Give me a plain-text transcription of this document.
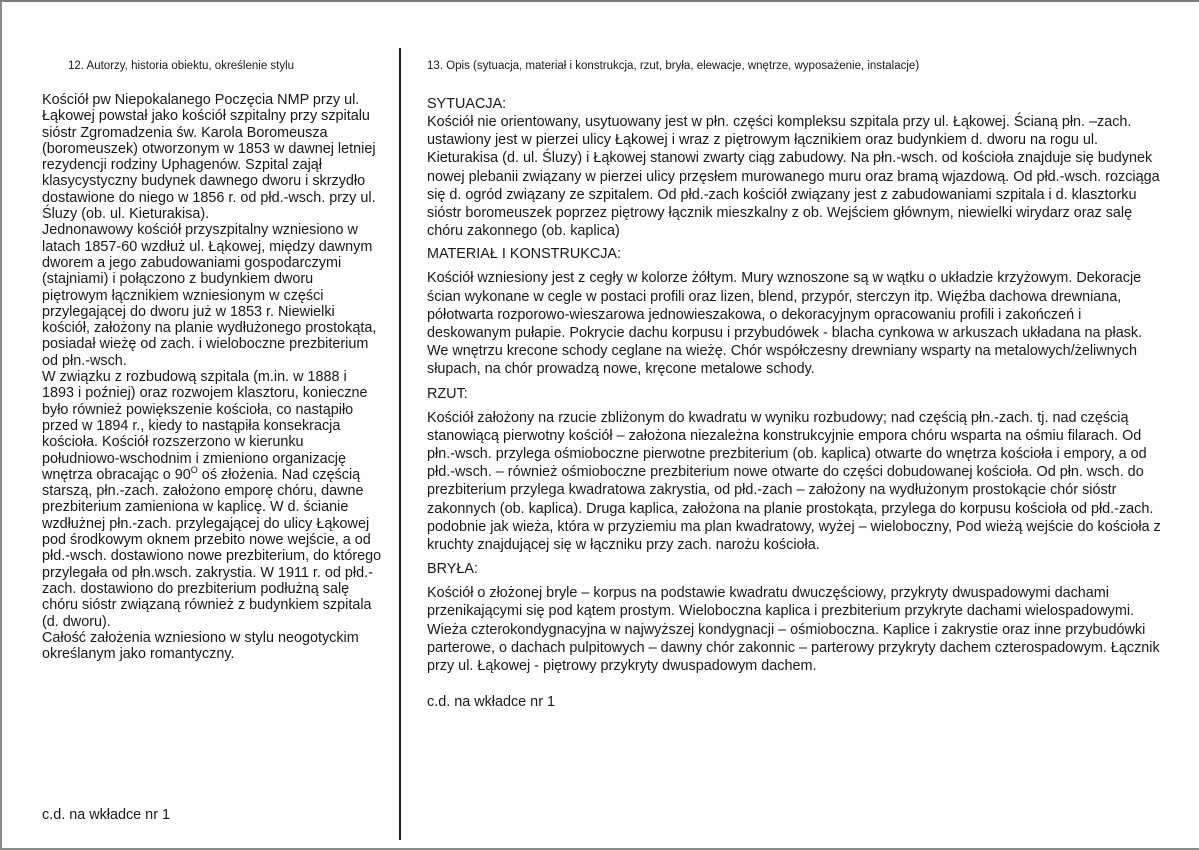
12. Autorzy, historia obiektu, określenie stylu

Kościół pw Niepokalanego Poczęcia NMP przy ul. Łąkowej powstał jako kościół szpitalny przy szpitalu sióstr Zgromadzenia św. Karola Boromeusza (boromeuszek) otworzonym w 1853 w dawnej letniej rezydencji rodziny Uphagenów. Szpital zajął klasycystyczny budynek dawnego dworu i skrzydło dostawione do niego w 1856 r. od płd.-wsch. przy ul. Śluzy (ob. ul. Kieturakisa).

Jednonawowy kościół przyszpitalny wzniesiono w latach 1857-60 wzdłuż ul. Łąkowej, między dawnym dworem a jego zabudowaniami gospodarczymi (stajniami) i połączono z budynkiem dworu piętrowym łącznikiem wzniesionym w części przylegającej do dworu już w 1853 r. Niewielki kościół, założony na planie wydłużonego prostokąta, posiadał wieżę od zach. i wieloboczne prezbiterium od płn.-wsch.

W związku z rozbudową szpitala (m.in. w 1888 i 1893 i poźniej) oraz rozwojem klasztoru, konieczne było również powiększenie kościoła, co nastąpiło przed w 1894 r., kiedy to nastąpiła konsekracja kościoła. Kościół rozszerzono w kierunku południowo-wschodnim i zmieniono organizację wnętrza obracając o $90^O$ oś złożenia. Nad częścią starszą, płn.-zach. założono emporę chóru, dawne prezbiterium zamieniona w kaplicę. W d. ścianie wzdłużnej płn.-zach. przylegającej do ulicy Łąkowej pod środkowym oknem przebito nowe wejście, a od płd.-wsch. dostawiono nowe prezbiterium, do którego przylegała od płn.wsch. zakrystia. W 1911 r. od płd.-zach. dostawiono do prezbiterium podłużną salę chóru sióstr związaną również z budynkiem szpitala (d. dworu).

Całość założenia wzniesiono w stylu neogotyckim określanym jako romantyczny.

c.d. na wkładce nr 1

13. Opis (sytuacja, materiał i konstrukcja, rzut, bryła, elewacje, wnętrze, wyposażenie, instalacje)

SYTUACJA:

Kościół nie orientowany, usytuowany jest w płn. części kompleksu szpitala przy ul. Łąkowej. Ścianą płn. –zach. ustawiony jest w pierzei ulicy Łąkowej i wraz z piętrowym łącznikiem oraz budynkiem d. dworu na rogu ul. Kieturakisa (d. ul. Śluzy) i Łąkowej stanowi zwarty ciąg zabudowy. Na płn.-wsch. od kościoła znajduje się budynek nowej plebanii związany w pierzei ulicy przęsłem murowanego muru oraz bramą wjazdową. Od płd.-wsch. rozciąga się d. ogród związany ze szpitalem. Od płd.-zach kościół związany jest z zabudowaniami szpitala i d. klasztorku sióstr boromeuszek poprzez piętrowy łącznik mieszkalny z ob. Wejściem głównym, niewielki wirydarz oraz salę chóru zakonnego (ob. kaplica)

MATERIAŁ I KONSTRUKCJA:

Kościół wzniesiony jest z cegły w kolorze żółtym. Mury wznoszone są w wątku o układzie krzyżowym. Dekoracje ścian wykonane w cegle w postaci profili oraz lizen, blend, przypór, sterczyn itp. Więźba dachowa drewniana, półotwarta rozporowo-wieszarowa jednowieszakowa, o dekoracyjnym opracowaniu profili i zakończeń i deskowanym pułapie. Pokrycie dachu korpusu i przybudówek - blacha cynkowa w arkuszach układana na płask. We wnętrzu krecone schody ceglane na wieżę. Chór współczesny drewniany wsparty na metalowych/żeliwnych słupach, na chór prowadzą nowe, kręcone metalowe schody.

RZUT:

Kościół założony na rzucie zbliżonym do kwadratu w wyniku rozbudowy; nad częścią płn.-zach. tj. nad częścią stanowiącą pierwotny kościół – założona niezależna konstrukcyjnie empora chóru wsparta na ośmiu filarach. Od płn.-wsch. przylega ośmioboczne pierwotne prezbiterium (ob. kaplica) otwarte do wnętrza kościoła i empory, a od płd.-wsch. – również ośmioboczne prezbiterium nowe otwarte do części dobudowanej kościoła. Od płn. wsch. do prezbiterium przylega kwadratowa zakrystia, od płd.-zach – założony na wydłużonym prostokącie chór sióstr zakonnych (ob. kaplica). Druga kaplica, założona na planie prostokąta, przylega do korpusu kościoła od płd.-zach. podobnie jak wieża, która w przyziemiu ma plan kwadratowy, wyżej – wieloboczny, Pod wieżą wejście do kościoła z kruchty znajdującej się w łączniku przy zach. narożu kościoła.

BRYŁA:

Kościół o złożonej bryle – korpus na podstawie kwadratu dwuczęściowy, przykryty dwuspadowymi dachami przenikającymi się pod kątem prostym. Wieloboczna kaplica i prezbiterium przykryte dachami wielospadowymi. Wieża czterokondygnacyjna w najwyższej kondygnacji – ośmioboczna. Kaplice i zakrystie oraz inne przybudówki parterowe, o dachach pulpitowych – dawny chór zakonnic – parterowy przykryty dachem czterospadowym. Łącznik przy ul. Łąkowej - piętrowy przykryty dwuspadowym dachem.

c.d. na wkładce nr 1
